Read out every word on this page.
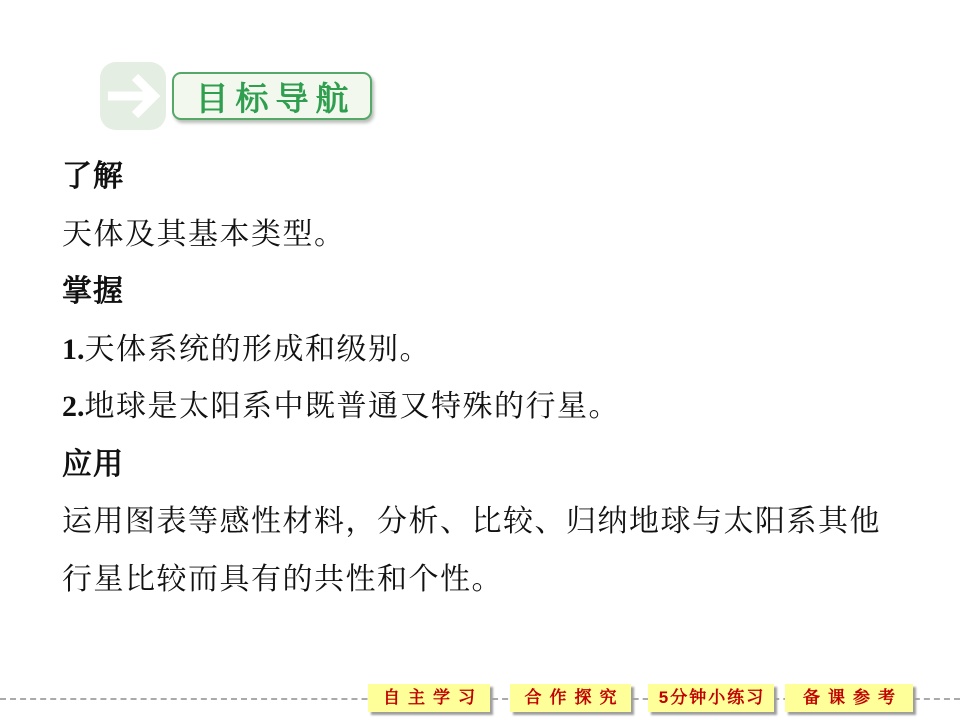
目标导航
了解
天体及其基本类型。
掌握
1.天体系统的形成和级别。
2.地球是太阳系中既普通又特殊的行星。
应用
运用图表等感性材料，分析、比较、归纳地球与太阳系其他
行星比较而具有的共性和个性。
自主学习	合作探究	5分钟小练习	备课参考
